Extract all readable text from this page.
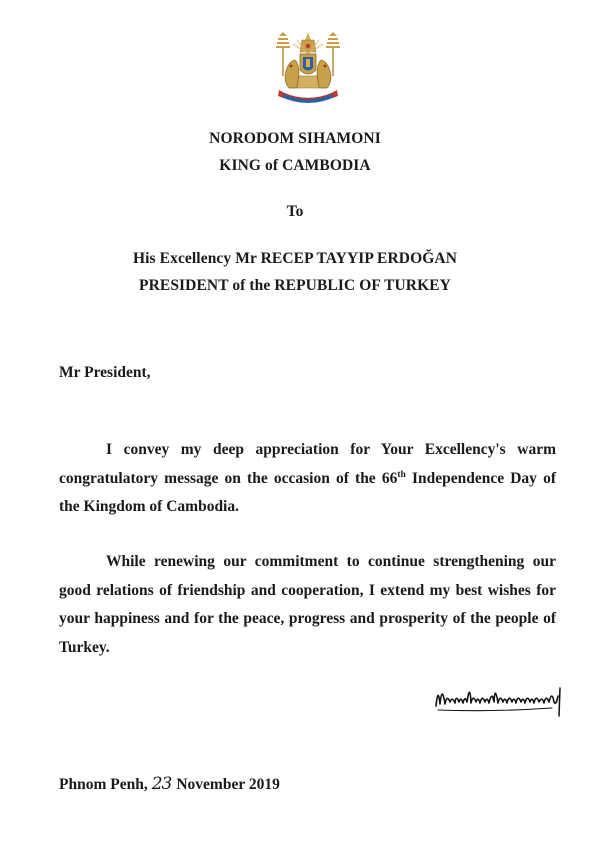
NORODOM SIHAMONI
KING of CAMBODIA
To
His Excellency Mr RECEP TAYYIP ERDOĞAN
PRESIDENT of the REPUBLIC OF TURKEY
Mr President,
I convey my deep appreciation for Your Excellency's warm congratulatory message on the occasion of the 66th Independence Day of the Kingdom of Cambodia.
While renewing our commitment to continue strengthening our good relations of friendship and cooperation, I extend my best wishes for your happiness and for the peace, progress and prosperity of the people of Turkey.
Phnom Penh, 23 November 2019
